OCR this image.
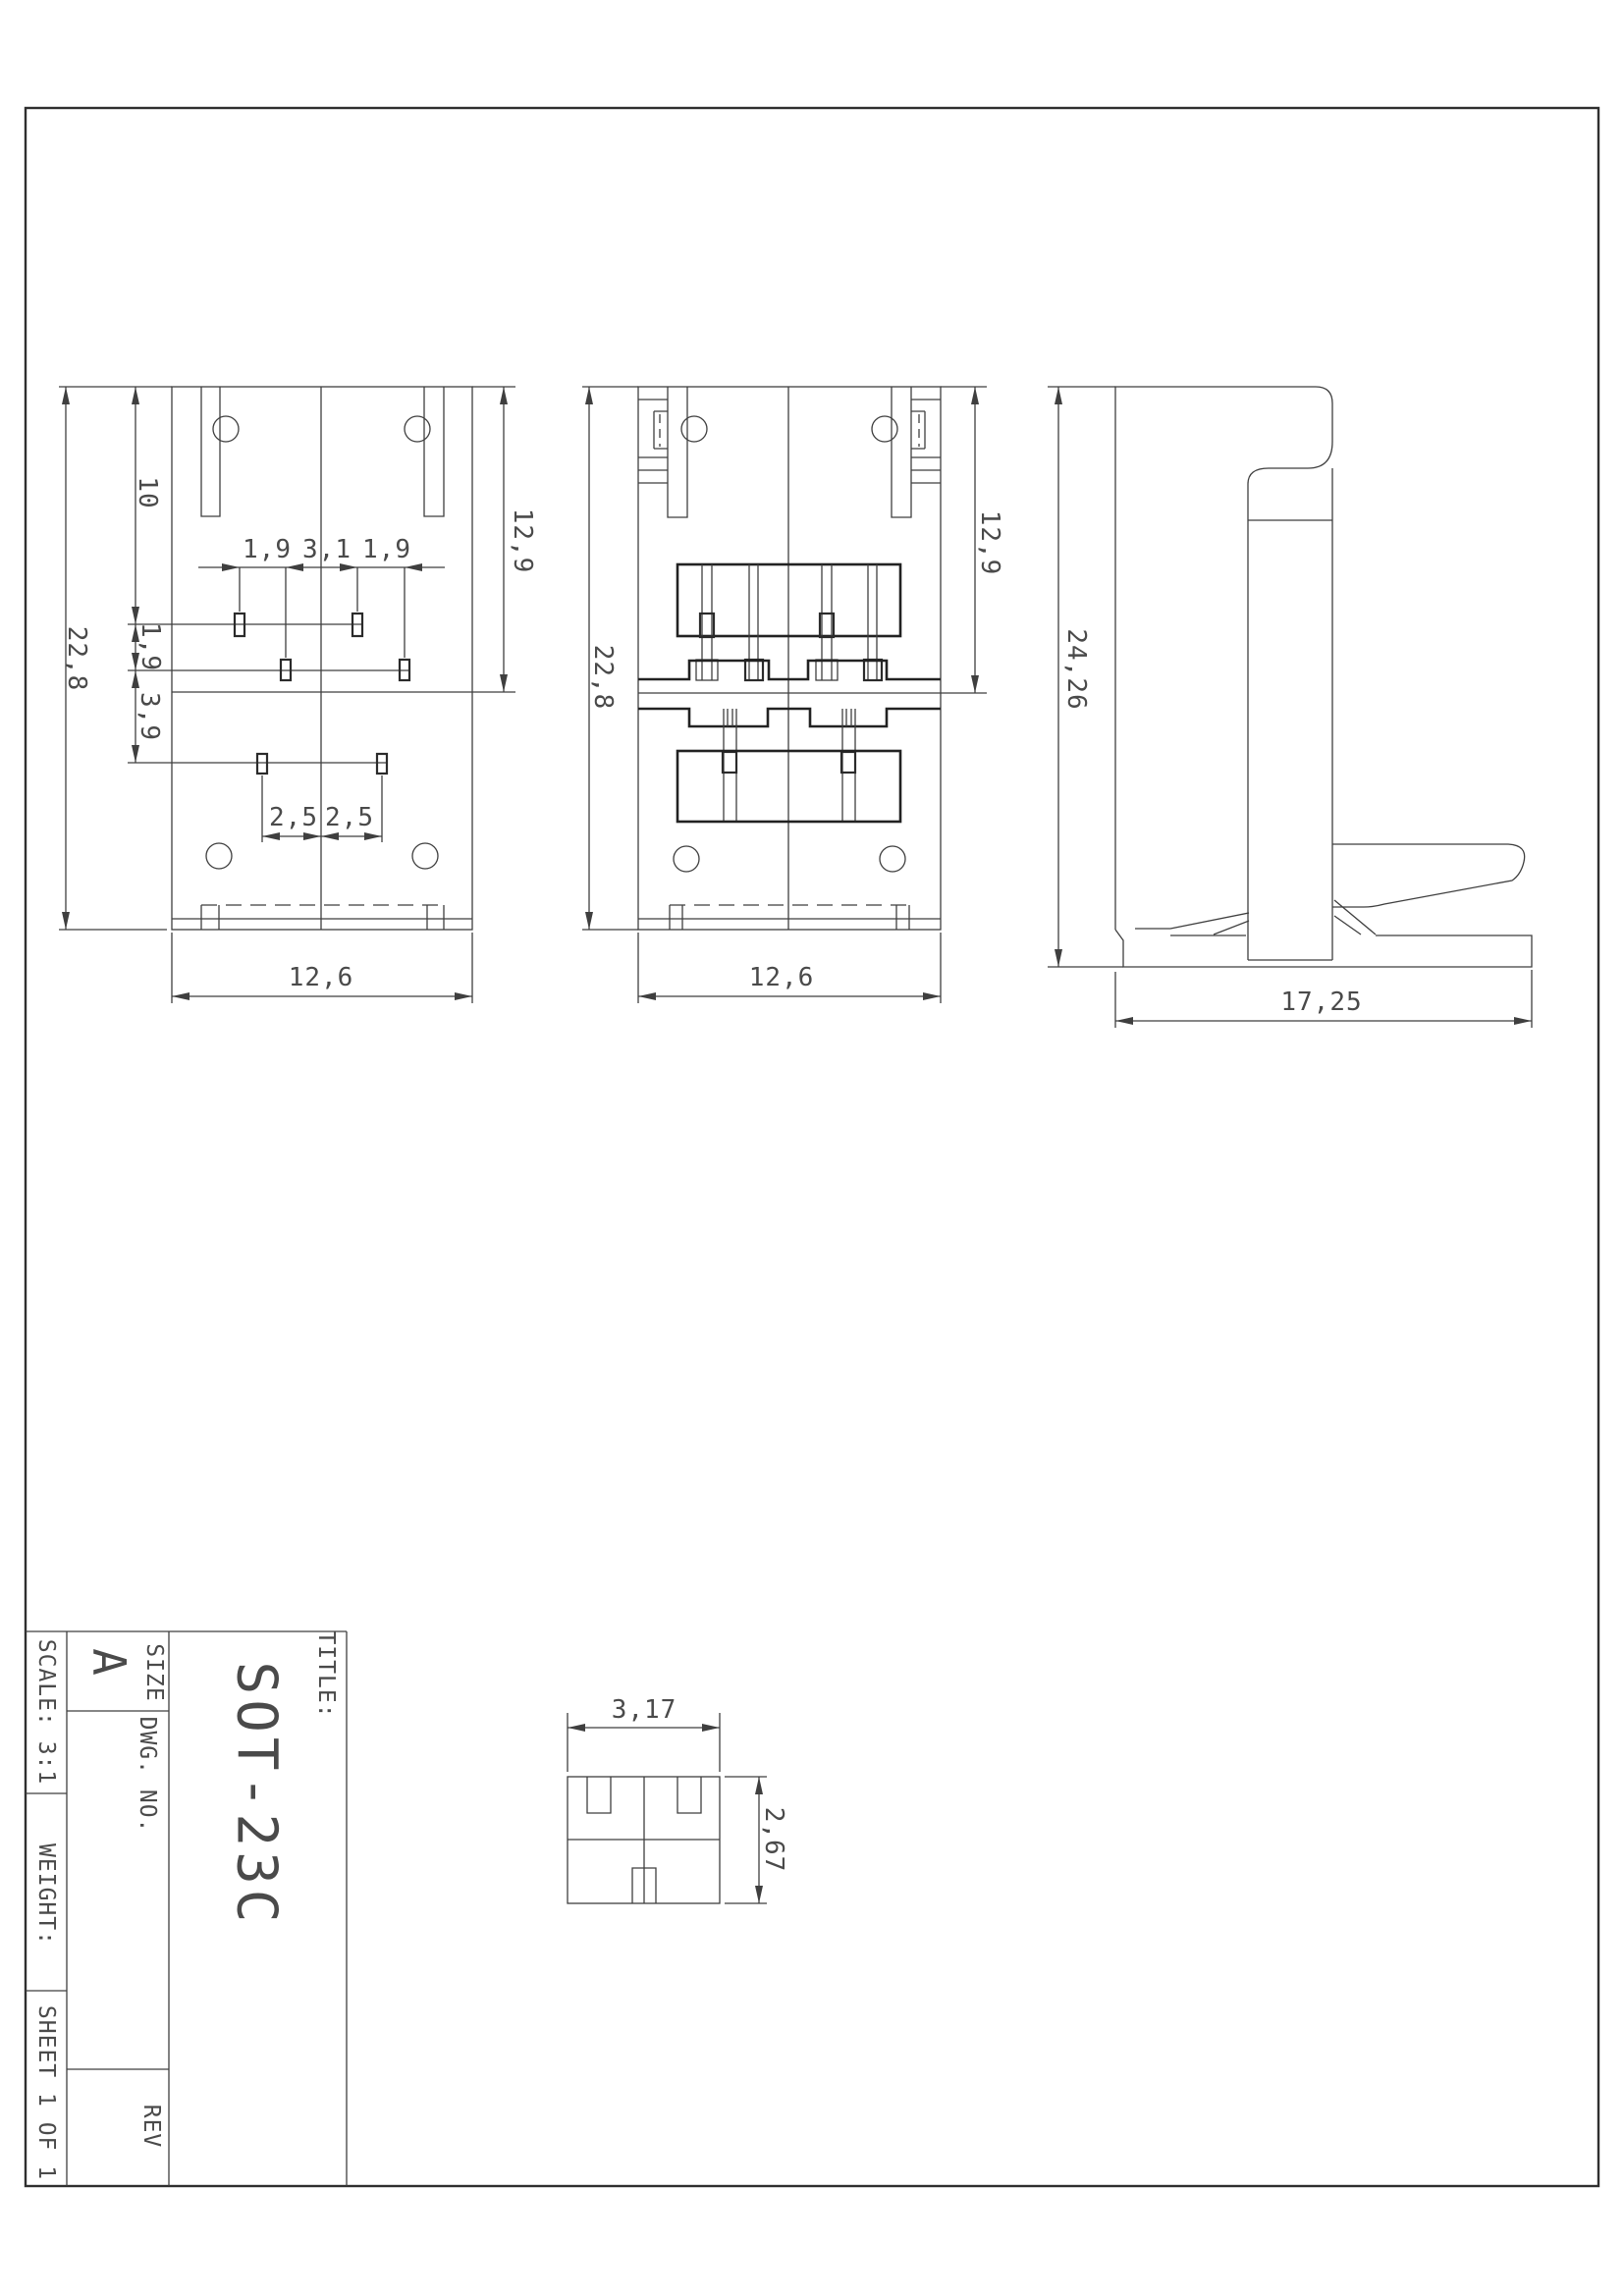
22,8
10
1,9
3,9
1,9 3,1 1,9
2,5 2,5
12,6
12,9
22,8
12,9
12,6
24,26
17,25
3,17
2,67
TITLE:
SOT-23C
SIZE
A
DWG. NO.
REV
SCALE: 3:1
WEIGHT:
SHEET 1 OF 1
